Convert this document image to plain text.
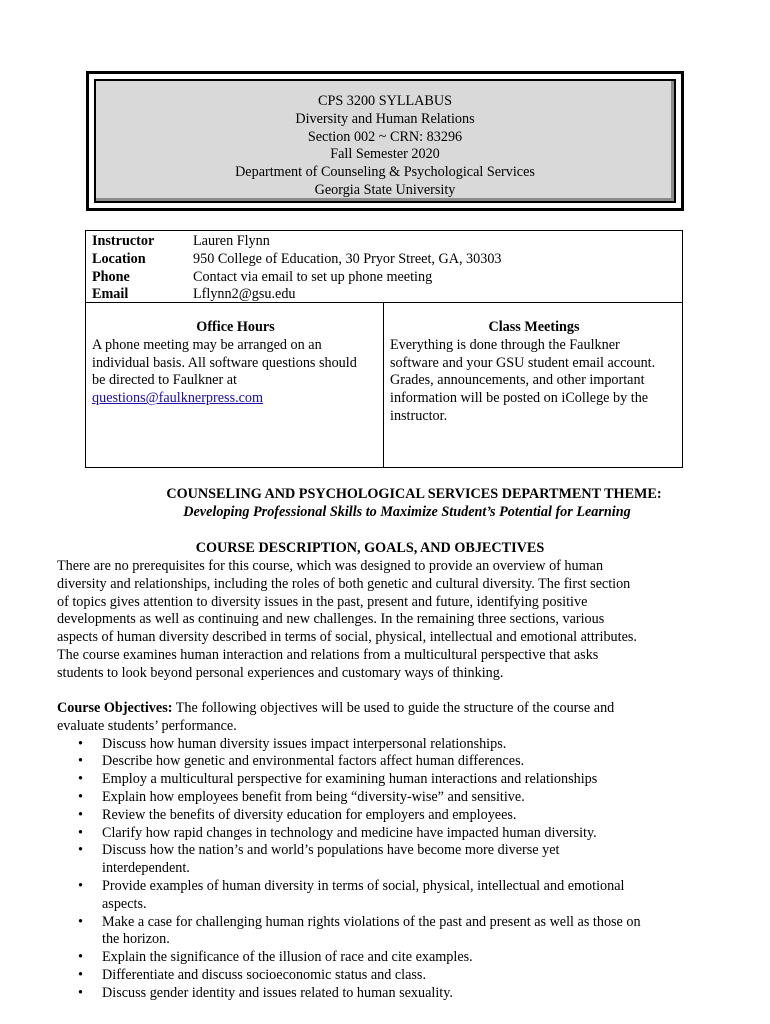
CPS 3200 SYLLABUS
Diversity and Human Relations
Section 002 ~ CRN: 83296
Fall Semester 2020
Department of Counseling & Psychological Services
Georgia State University
Instructor	Lauren Flynn
Location	950 College of Education, 30 Pryor Street, GA, 30303
Phone	Contact via email to set up phone meeting
Email	Lflynn2@gsu.edu
Office Hours
A phone meeting may be arranged on an
individual basis. All software questions should
be directed to Faulkner at
questions@faulknerpress.com
Class Meetings
Everything is done through the Faulkner
software and your GSU student email account.
Grades, announcements, and other important
information will be posted on iCollege by the
instructor.
COUNSELING AND PSYCHOLOGICAL SERVICES DEPARTMENT THEME:
Developing Professional Skills to Maximize Student’s Potential for Learning
COURSE DESCRIPTION, GOALS, AND OBJECTIVES
There are no prerequisites for this course, which was designed to provide an overview of human
diversity and relationships, including the roles of both genetic and cultural diversity. The first section
of topics gives attention to diversity issues in the past, present and future, identifying positive
developments as well as continuing and new challenges. In the remaining three sections, various
aspects of human diversity described in terms of social, physical, intellectual and emotional attributes.
The course examines human interaction and relations from a multicultural perspective that asks
students to look beyond personal experiences and customary ways of thinking.
Course Objectives: The following objectives will be used to guide the structure of the course and
evaluate students’ performance.
• Discuss how human diversity issues impact interpersonal relationships.
• Describe how genetic and environmental factors affect human differences.
• Employ a multicultural perspective for examining human interactions and relationships
• Explain how employees benefit from being “diversity-wise” and sensitive.
• Review the benefits of diversity education for employers and employees.
• Clarify how rapid changes in technology and medicine have impacted human diversity.
• Discuss how the nation’s and world’s populations have become more diverse yet
interdependent.
• Provide examples of human diversity in terms of social, physical, intellectual and emotional
aspects.
• Make a case for challenging human rights violations of the past and present as well as those on
the horizon.
• Explain the significance of the illusion of race and cite examples.
• Differentiate and discuss socioeconomic status and class.
• Discuss gender identity and issues related to human sexuality.
